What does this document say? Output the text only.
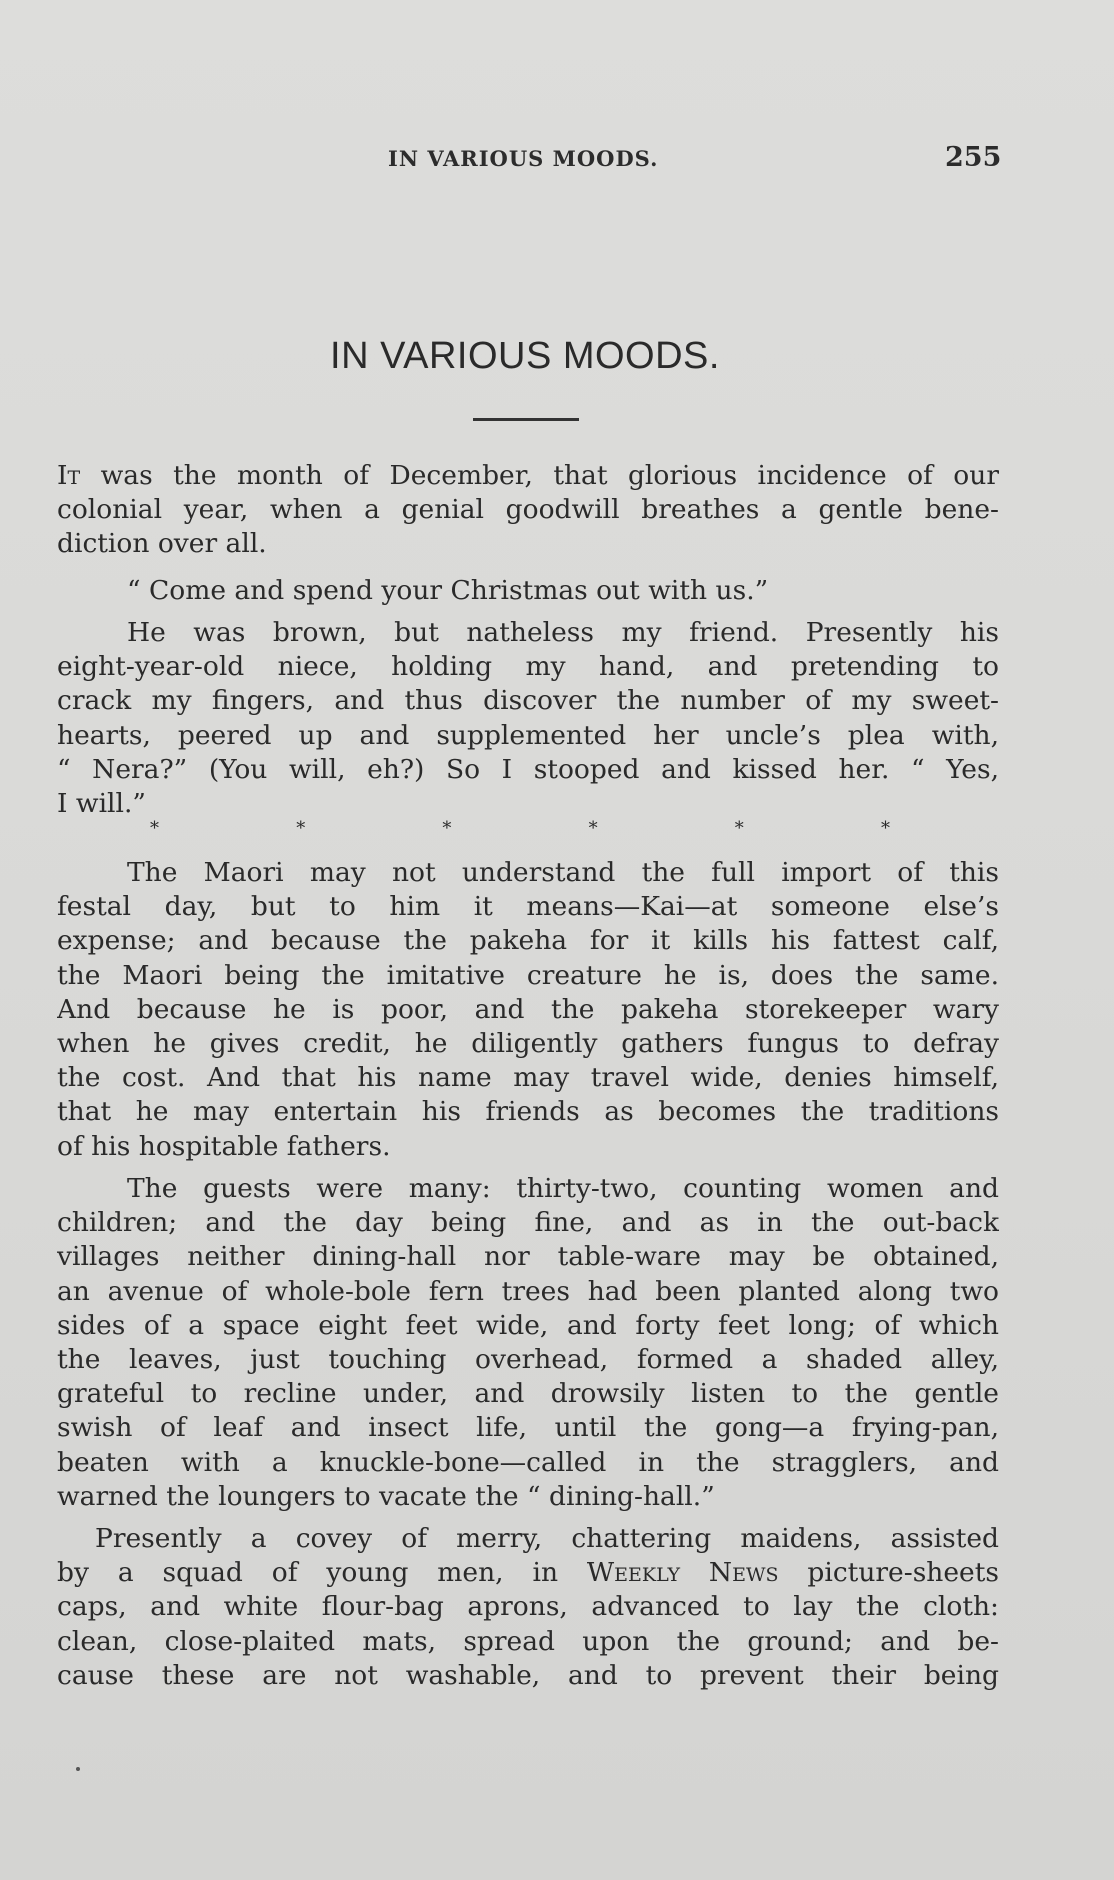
IN VARIOUS MOODS.	255
IN VARIOUS MOODS.
It was the month of December, that glorious incidence of our
colonial year, when a genial goodwill breathes a gentle bene-
diction over all.
“ Come and spend your Christmas out with us.”
He was brown, but natheless my friend. Presently his
eight-year-old niece, holding my hand, and pretending to
crack my fingers, and thus discover the number of my sweet-
hearts, peered up and supplemented her uncle’s plea with,
“ Nera?” (You will, eh?) So I stooped and kissed her. “ Yes,
I will.”
*	*	*	*	*	*
The Maori may not understand the full import of this
festal day, but to him it means—Kai—at someone else’s
expense; and because the pakeha for it kills his fattest calf,
the Maori being the imitative creature he is, does the same.
And because he is poor, and the pakeha storekeeper wary
when he gives credit, he diligently gathers fungus to defray
the cost. And that his name may travel wide, denies himself,
that he may entertain his friends as becomes the traditions
of his hospitable fathers.
The guests were many: thirty-two, counting women and
children; and the day being fine, and as in the out-back
villages neither dining-hall nor table-ware may be obtained,
an avenue of whole-bole fern trees had been planted along two
sides of a space eight feet wide, and forty feet long; of which
the leaves, just touching overhead, formed a shaded alley,
grateful to recline under, and drowsily listen to the gentle
swish of leaf and insect life, until the gong—a frying-pan,
beaten with a knuckle-bone—called in the stragglers, and
warned the loungers to vacate the “ dining-hall.”
Presently a covey of merry, chattering maidens, assisted
by a squad of young men, in Weekly News picture-sheets
caps, and white flour-bag aprons, advanced to lay the cloth:
clean, close-plaited mats, spread upon the ground; and be-
cause these are not washable, and to prevent their being
